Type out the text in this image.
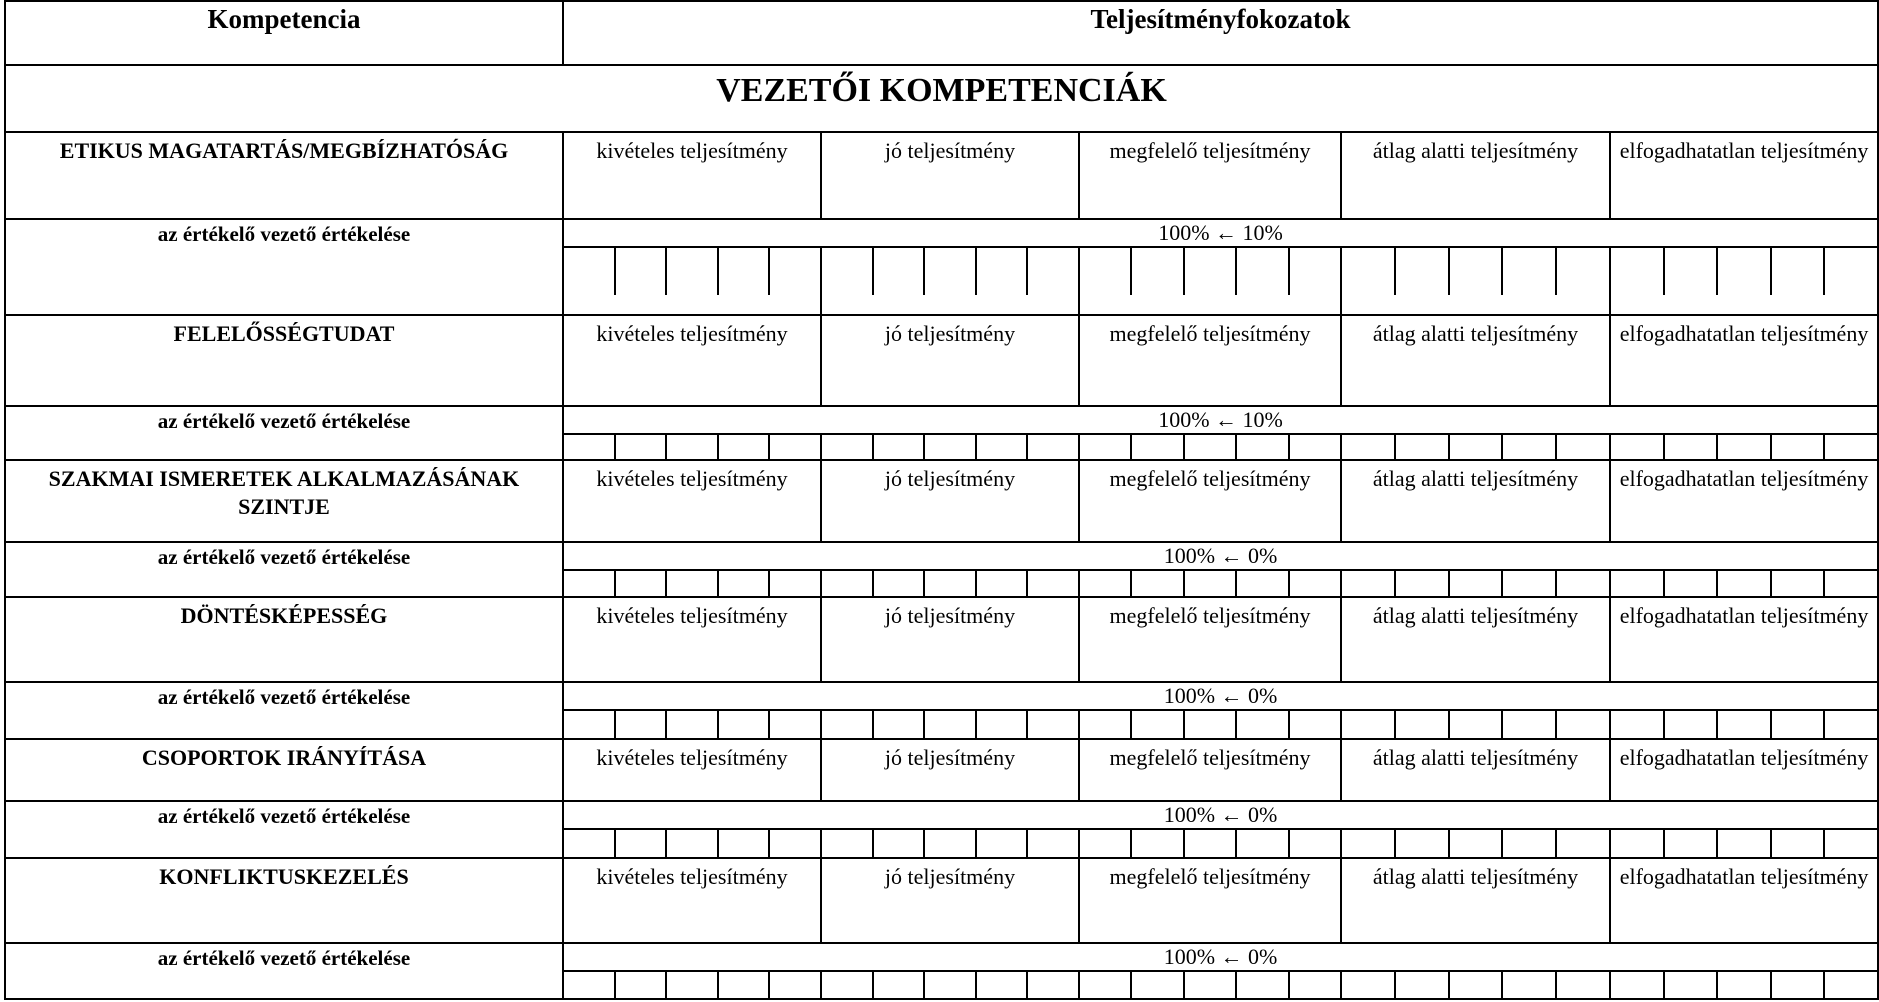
Kompetencia	Teljesítményfokozatok				
VEZETŐI KOMPETENCIÁK					
ETIKUS MAGATARTÁS/MEGBÍZHATÓSÁG	kivételes teljesítmény	jó teljesítmény	megfelelő teljesítmény	átlag alatti teljesítmény	elfogadhatatlan teljesítmény
az értékelő vezető értékelése	100% ← 10%				

FELELŐSSÉGTUDAT	kivételes teljesítmény	jó teljesítmény	megfelelő teljesítmény	átlag alatti teljesítmény	elfogadhatatlan teljesítmény
az értékelő vezető értékelése	100% ← 10%				

SZAKMAI ISMERETEK ALKALMAZÁSÁNAK SZINTJE	kivételes teljesítmény	jó teljesítmény	megfelelő teljesítmény	átlag alatti teljesítmény	elfogadhatatlan teljesítmény
az értékelő vezető értékelése	100% ← 0%				

DÖNTÉSKÉPESSÉG	kivételes teljesítmény	jó teljesítmény	megfelelő teljesítmény	átlag alatti teljesítmény	elfogadhatatlan teljesítmény
az értékelő vezető értékelése	100% ← 0%				

CSOPORTOK IRÁNYÍTÁSA	kivételes teljesítmény	jó teljesítmény	megfelelő teljesítmény	átlag alatti teljesítmény	elfogadhatatlan teljesítmény
az értékelő vezető értékelése	100% ← 0%				

KONFLIKTUSKEZELÉS	kivételes teljesítmény	jó teljesítmény	megfelelő teljesítmény	átlag alatti teljesítmény	elfogadhatatlan teljesítmény
az értékelő vezető értékelése	100% ← 0%				
